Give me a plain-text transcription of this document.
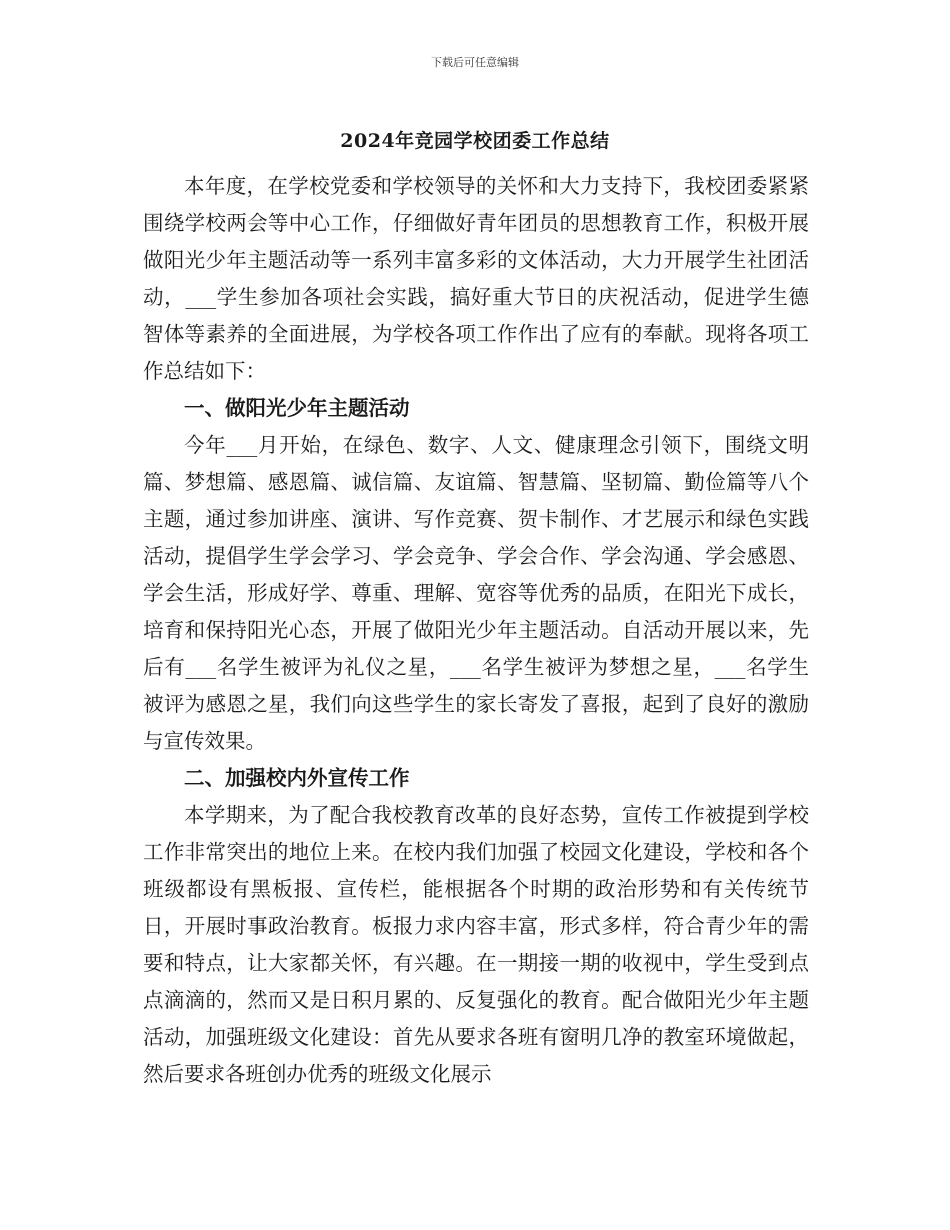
下载后可任意编辑
2024年竞园学校团委工作总结

本年度，在学校党委和学校领导的关怀和大力支持下，我校团委紧紧围绕学校两会等中心工作，仔细做好青年团员的思想教育工作，积极开展做阳光少年主题活动等一系列丰富多彩的文体活动，大力开展学生社团活动，___学生参加各项社会实践，搞好重大节日的庆祝活动，促进学生德智体等素养的全面进展，为学校各项工作作出了应有的奉献。现将各项工作总结如下：

一、做阳光少年主题活动

今年___月开始，在绿色、数字、人文、健康理念引领下，围绕文明篇、梦想篇、感恩篇、诚信篇、友谊篇、智慧篇、坚韧篇、勤俭篇等八个主题，通过参加讲座、演讲、写作竞赛、贺卡制作、才艺展示和绿色实践活动，提倡学生学会学习、学会竞争、学会合作、学会沟通、学会感恩、学会生活，形成好学、尊重、理解、宽容等优秀的品质，在阳光下成长，培育和保持阳光心态，开展了做阳光少年主题活动。自活动开展以来，先后有___名学生被评为礼仪之星，___名学生被评为梦想之星，___名学生被评为感恩之星，我们向这些学生的家长寄发了喜报，起到了良好的激励与宣传效果。

二、加强校内外宣传工作

本学期来，为了配合我校教育改革的良好态势，宣传工作被提到学校工作非常突出的地位上来。在校内我们加强了校园文化建设，学校和各个班级都设有黑板报、宣传栏，能根据各个时期的政治形势和有关传统节日，开展时事政治教育。板报力求内容丰富，形式多样，符合青少年的需要和特点，让大家都关怀，有兴趣。在一期接一期的收视中，学生受到点点滴滴的，然而又是日积月累的、反复强化的教育。配合做阳光少年主题活动，加强班级文化建设：首先从要求各班有窗明几净的教室环境做起，然后要求各班创办优秀的班级文化展示
